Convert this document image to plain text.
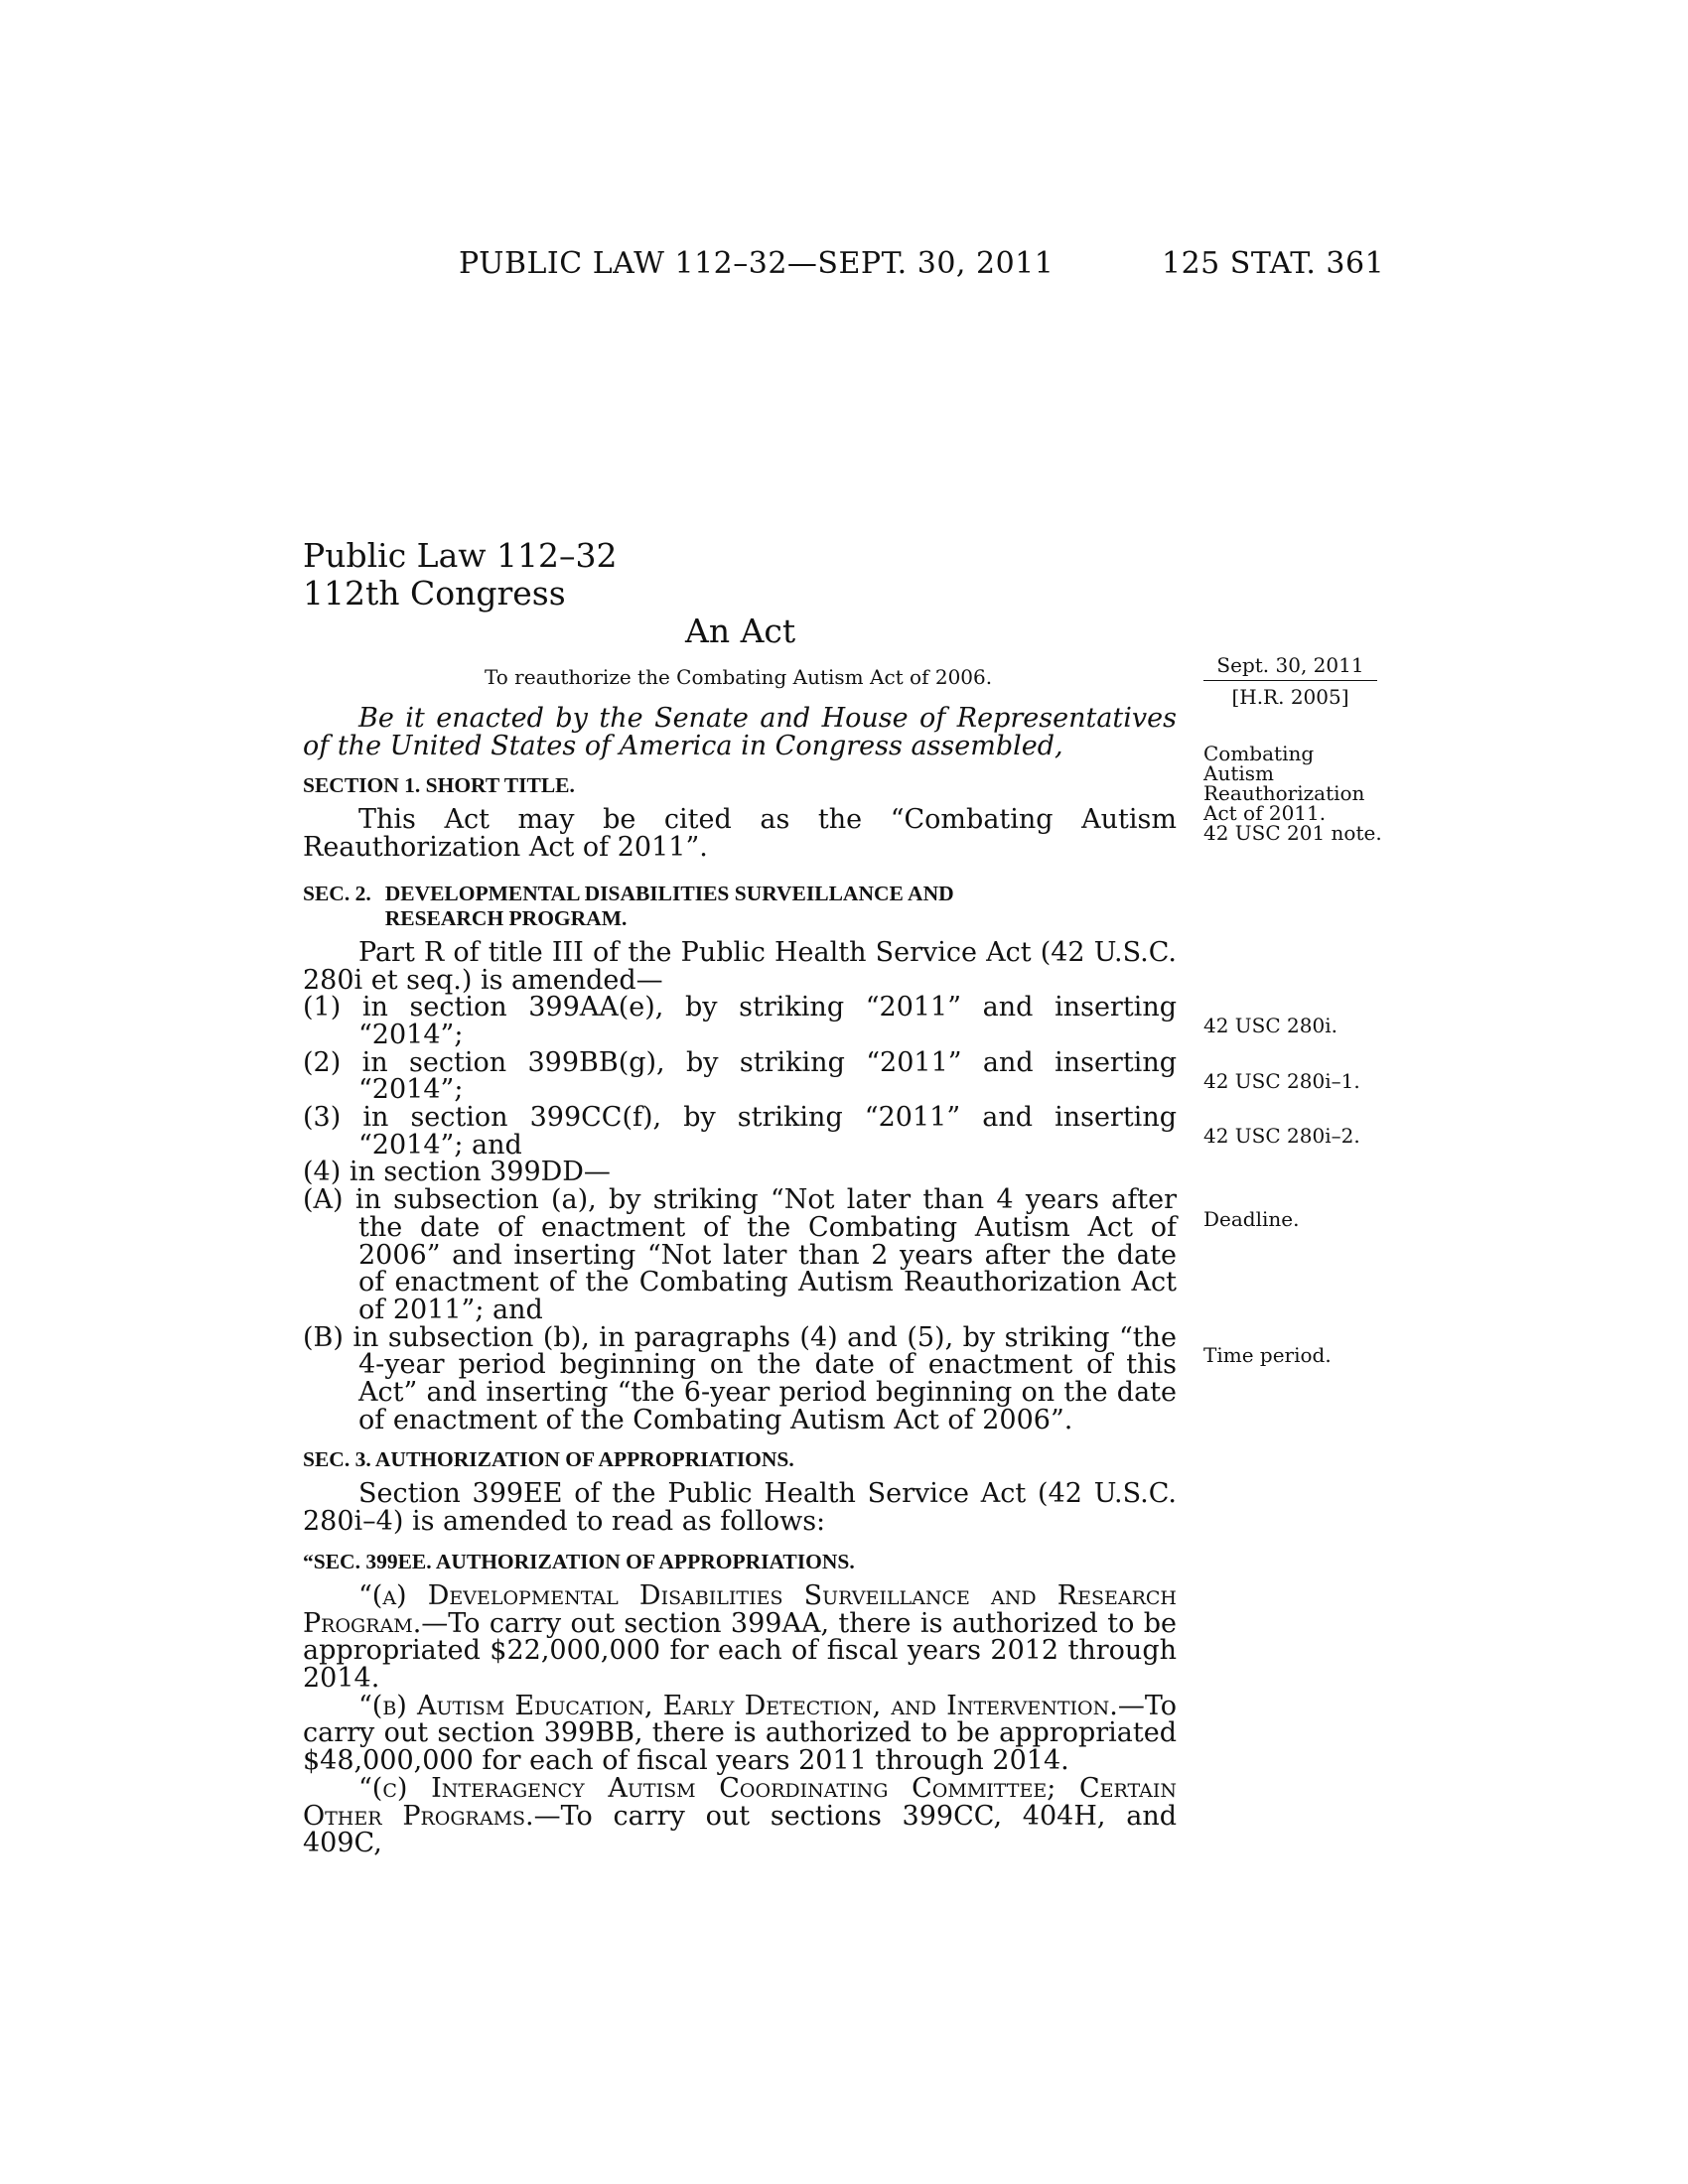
PUBLIC LAW 112–32—SEPT. 30, 2011	125 STAT. 361
Public Law 112–32
112th Congress
An Act
To reauthorize the Combating Autism Act of 2006.	Sept. 30, 2011
[H.R. 2005]
Combating
Autism
Reauthorization
Act of 2011.
42 USC 201 note.
42 USC 280i.
42 USC 280i–1.
42 USC 280i–2.
Deadline.
Time period.

Be it enacted by the Senate and House of Representatives of the United States of America in Congress assembled,

SECTION 1. SHORT TITLE.

This Act may be cited as the “Combating Autism Reauthorization Act of 2011”.

SEC. 2. DEVELOPMENTAL DISABILITIES SURVEILLANCE AND
RESEARCH PROGRAM.

Part R of title III of the Public Health Service Act (42 U.S.C. 280i et seq.) is amended—

(1) in section 399AA(e), by striking “2011” and inserting “2014”;

(2) in section 399BB(g), by striking “2011” and inserting “2014”;

(3) in section 399CC(f), by striking “2011” and inserting “2014”; and

(4) in section 399DD—

(A) in subsection (a), by striking “Not later than 4 years after the date of enactment of the Combating Autism Act of 2006” and inserting “Not later than 2 years after the date of enactment of the Combating Autism Reauthorization Act of 2011”; and

(B) in subsection (b), in paragraphs (4) and (5), by striking “the 4-year period beginning on the date of enactment of this Act” and inserting “the 6-year period beginning on the date of enactment of the Combating Autism Act of 2006”.

SEC. 3. AUTHORIZATION OF APPROPRIATIONS.

Section 399EE of the Public Health Service Act (42 U.S.C. 280i–4) is amended to read as follows:

“SEC. 399EE. AUTHORIZATION OF APPROPRIATIONS.

“(a) Developmental Disabilities Surveillance and Research Program.—To carry out section 399AA, there is authorized to be appropriated $22,000,000 for each of fiscal years 2012 through 2014.

“(b) Autism Education, Early Detection, and Intervention.—To carry out section 399BB, there is authorized to be appropriated $48,000,000 for each of fiscal years 2011 through 2014.

“(c) Interagency Autism Coordinating Committee; Certain Other Programs.—To carry out sections 399CC, 404H, and 409C,
